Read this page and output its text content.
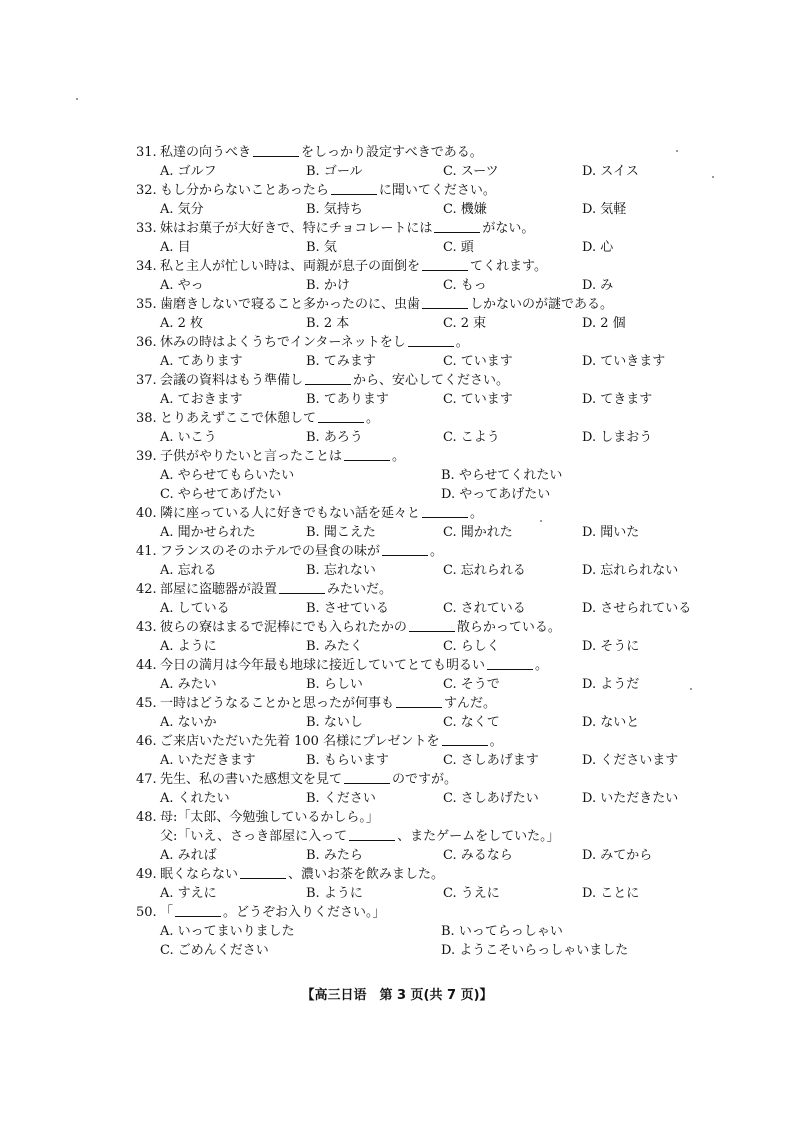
31. 私達の向うべき	をしっかり設定すべきである。
A. ゴルフ	B. ゴール	C. スーツ	D. スイス
32. もし分からないことあったら	に聞いてください。
A. 気分	B. 気持ち	C. 機嫌	D. 気軽
33. 妹はお菓子が大好きで、特にチョコレートには	がない。
A. 目	B. 気	C. 頭	D. 心
34. 私と主人が忙しい時は、両親が息子の面倒を	てくれます。
A. やっ	B. かけ	C. もっ	D. み
35. 歯磨きしないで寝ること多かったのに、虫歯	しかないのが謎である。
A. 2 枚	B. 2 本	C. 2 束	D. 2 個
36. 休みの時はよくうちでインターネットをし	。
A. てあります	B. てみます	C. ています	D. ていきます
37. 会議の資料はもう準備し	から、安心してください。
A. ておきます	B. てあります	C. ています	D. てきます
38. とりあえずここで休憩して	。
A. いこう	B. あろう	C. こよう	D. しまおう
39. 子供がやりたいと言ったことは	。
A. やらせてもらいたい	B. やらせてくれたい
C. やらせてあげたい	D. やってあげたい
40. 隣に座っている人に好きでもない話を延々と	。
A. 聞かせられた	B. 聞こえた	C. 聞かれた	D. 聞いた
41. フランスのそのホテルでの昼食の味が	。
A. 忘れる	B. 忘れない	C. 忘れられる	D. 忘れられない
42. 部屋に盗聴器が設置	みたいだ。
A. している	B. させている	C. されている	D. させられている
43. 彼らの寮はまるで泥棒にでも入られたかの	散らかっている。
A. ように	B. みたく	C. らしく	D. そうに
44. 今日の満月は今年最も地球に接近していてとても明るい	。
A. みたい	B. らしい	C. そうで	D. ようだ
45. 一時はどうなることかと思ったが何事も	すんだ。
A. ないか	B. ないし	C. なくて	D. ないと
46. ご来店いただいた先着 100 名様にプレゼントを	。
A. いただきます	B. もらいます	C. さしあげます	D. くださいます
47. 先生、私の書いた感想文を見て	のですが。
A. くれたい	B. ください	C. さしあげたい	D. いただきたい
48. 母:「太郎、今勉強しているかしら。」
父:「いえ、さっき部屋に入って	、またゲームをしていた。」
A. みれば	B. みたら	C. みるなら	D. みてから
49. 眠くならない	、濃いお茶を飲みました。
A. すえに	B. ように	C. うえに	D. ことに
50. 「	。どうぞお入りください。」
A. いってまいりました	B. いってらっしゃい
C. ごめんください	D. ようこそいらっしゃいました
【高三日语　第 3 页(共 7 页)】
